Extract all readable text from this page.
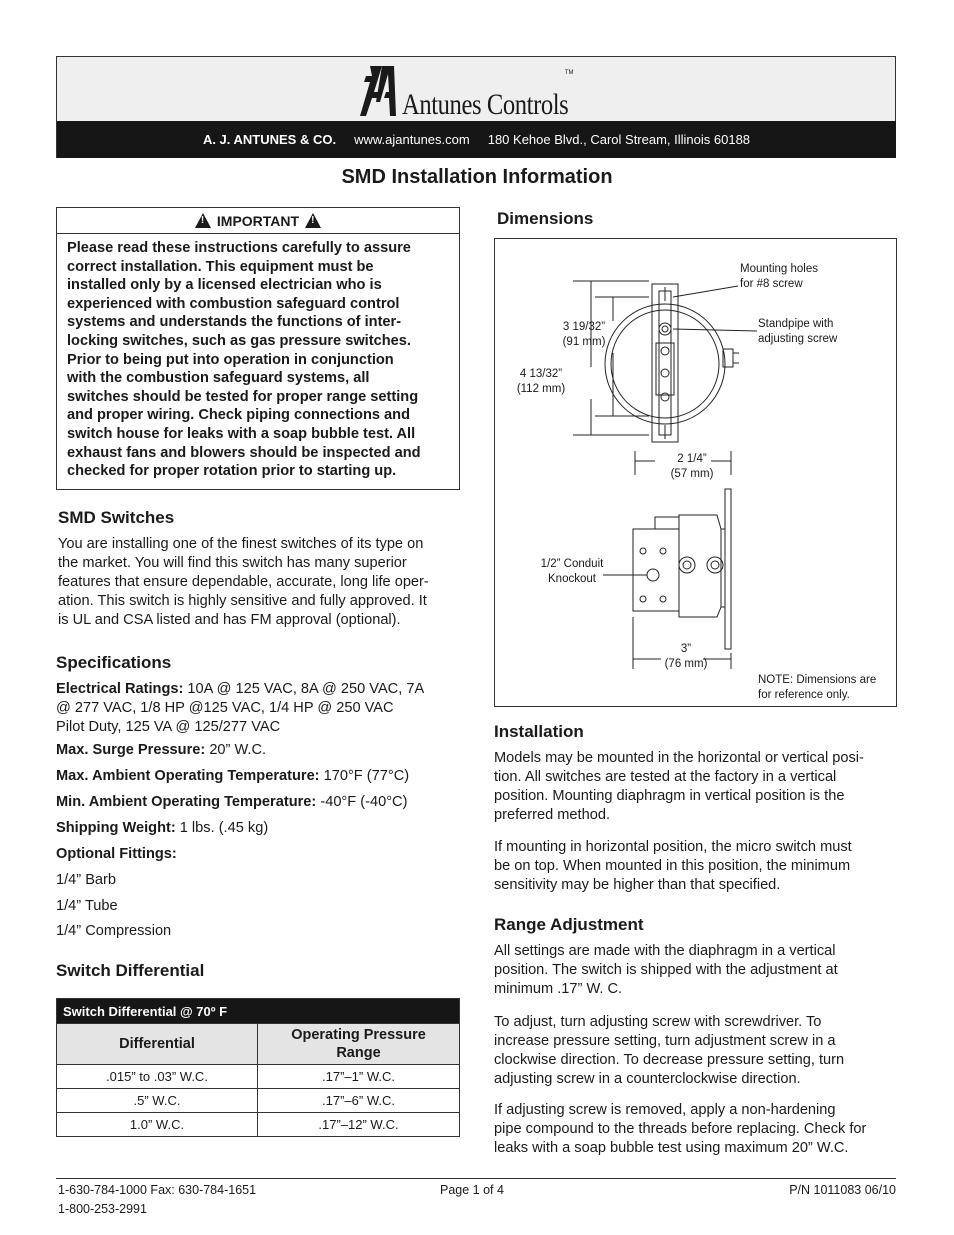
Antunes Controls
TM
A. J. ANTUNES & CO. www.ajantunes.com 180 Kehoe Blvd., Carol Stream, Illinois 60188
SMD Installation Information
!
IMPORTANT
!
Please read these instructions carefully to assure
correct installation. This equipment must be
installed only by a licensed electrician who is
experienced with combustion safeguard control
systems and understands the functions of inter-
locking switches, such as gas pressure switches.
Prior to being put into operation in conjunction
with the combustion safeguard systems, all
switches should be tested for proper range setting
and proper wiring. Check piping connections and
switch house for leaks with a soap bubble test. All
exhaust fans and blowers should be inspected and
checked for proper rotation prior to starting up.
SMD Switches
You are installing one of the finest switches of its type on
the market. You will find this switch has many superior
features that ensure dependable, accurate, long life oper-
ation. This switch is highly sensitive and fully approved. It
is UL and CSA listed and has FM approval (optional).
Specifications
Electrical Ratings: 10A @ 125 VAC, 8A @ 250 VAC, 7A
@ 277 VAC, 1/8 HP @125 VAC, 1/4 HP @ 250 VAC
Pilot Duty, 125 VA @ 125/277 VAC
Max. Surge Pressure: 20” W.C.
Max. Ambient Operating Temperature: 170°F (77°C)
Min. Ambient Operating Temperature: -40°F (-40°C)
Shipping Weight: 1 lbs. (.45 kg)
Optional Fittings:
1/4” Barb
1/4” Tube
1/4” Compression
Switch Differential
Switch Differential @ 70º F	
Differential	Operating Pressure
Range

.015” to .03” W.C.	.17”–1” W.C.
.5” W.C.	.17”–6” W.C.
1.0” W.C.	.17”–12” W.C.
Dimensions
Mounting holes
for #8 screw
Standpipe with
adjusting screw
3 19/32”
(91 mm)
4 13/32”
(112 mm)
2 1/4”
(57 mm)
1/2” Conduit
Knockout
3”
(76 mm)
NOTE: Dimensions are
for reference only.
Installation
Models may be mounted in the horizontal or vertical posi-
tion. All switches are tested at the factory in a vertical
position. Mounting diaphragm in vertical position is the
preferred method.
If mounting in horizontal position, the micro switch must
be on top. When mounted in this position, the minimum
sensitivity may be higher than that specified.
Range Adjustment
All settings are made with the diaphragm in a vertical
position. The switch is shipped with the adjustment at
minimum .17” W. C.
To adjust, turn adjusting screw with screwdriver. To
increase pressure setting, turn adjustment screw in a
clockwise direction. To decrease pressure setting, turn
adjusting screw in a counterclockwise direction.
If adjusting screw is removed, apply a non-hardening
pipe compound to the threads before replacing. Check for
leaks with a soap bubble test using maximum 20” W.C.
1-630-784-1000 Fax: 630-784-1651
1-800-253-2991
Page 1 of 4	P/N 1011083 06/10
